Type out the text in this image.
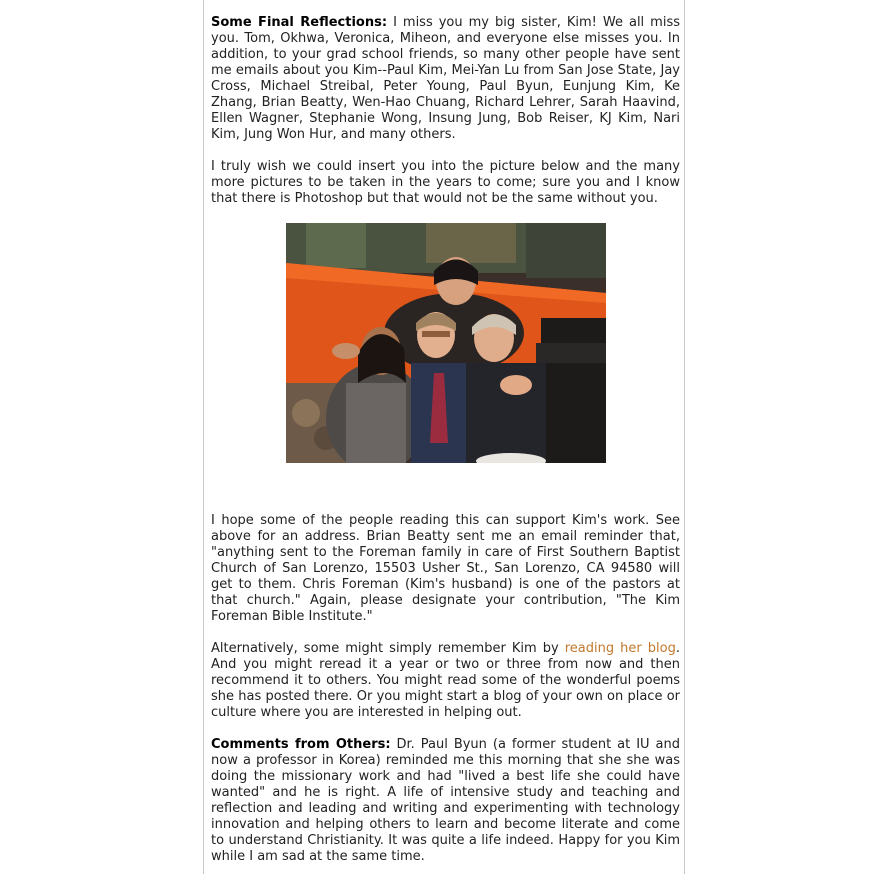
Some Final Reflections: I miss you my big sister, Kim! We all miss you. Tom, Okhwa, Veronica, Miheon, and everyone else misses you. In addition, to your grad school friends, so many other people have sent me emails about you Kim--Paul Kim, Mei-Yan Lu from San Jose State, Jay Cross, Michael Streibal, Peter Young, Paul Byun, Eunjung Kim, Ke Zhang, Brian Beatty, Wen-Hao Chuang, Richard Lehrer, Sarah Haavind, Ellen Wagner, Stephanie Wong, Insung Jung, Bob Reiser, KJ Kim, Nari Kim, Jung Won Hur, and many others.

I truly wish we could insert you into the picture below and the many more pictures to be taken in the years to come; sure you and I know that there is Photoshop but that would not be the same without you.

I hope some of the people reading this can support Kim's work. See above for an address. Brian Beatty sent me an email reminder that, "anything sent to the Foreman family in care of First Southern Baptist Church of San Lorenzo, 15503 Usher St., San Lorenzo, CA 94580 will get to them. Chris Foreman (Kim's husband) is one of the pastors at that church." Again, please designate your contribution, "The Kim Foreman Bible Institute."

Alternatively, some might simply remember Kim by reading her blog. And you might reread it a year or two or three from now and then recommend it to others. You might read some of the wonderful poems she has posted there. Or you might start a blog of your own on place or culture where you are interested in helping out.

Comments from Others: Dr. Paul Byun (a former student at IU and now a professor in Korea) reminded me this morning that she she was doing the missionary work and had "lived a best life she could have wanted" and he is right. A life of intensive study and teaching and reflection and leading and writing and experimenting with technology innovation and helping others to learn and become literate and come to understand Christianity. It was quite a life indeed. Happy for you Kim while I am sad at the same time.
